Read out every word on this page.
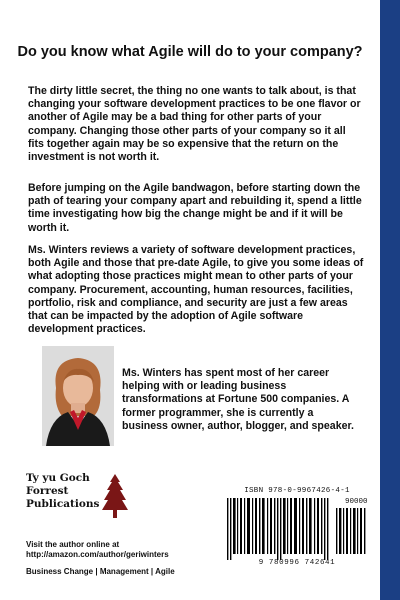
Do you know what Agile will do to your company?

The dirty little secret, the thing no one wants to talk about, is that changing your software development practices to be one flavor or another of Agile may be a bad thing for other parts of your company. Changing those other parts of your company so it all fits together again may be so expensive that the return on the investment is not worth it.

Before jumping on the Agile bandwagon, before starting down the path of tearing your company apart and rebuilding it, spend a little time investigating how big the change might be and if it will be worth it.

Ms. Winters reviews a variety of software development practices, both Agile and those that pre-date Agile, to give you some ideas of what adopting those practices might mean to other parts of your company. Procurement, accounting, human resources, facilities, portfolio, risk and compliance, and security are just a few areas that can be impacted by the adoption of Agile software development practices.

Ms. Winters has spent most of her career helping with or leading business transformations at Fortune 500 companies. A former programmer, she is currently a business owner, author, blogger, and speaker.

Ty yu Goch
Forrest
Publications
Visit the author online at
http://amazon.com/author/geriwinters
Business Change | Management | Agile
ISBN 978-0-9967426-4-1
90000
9 780996 742641
